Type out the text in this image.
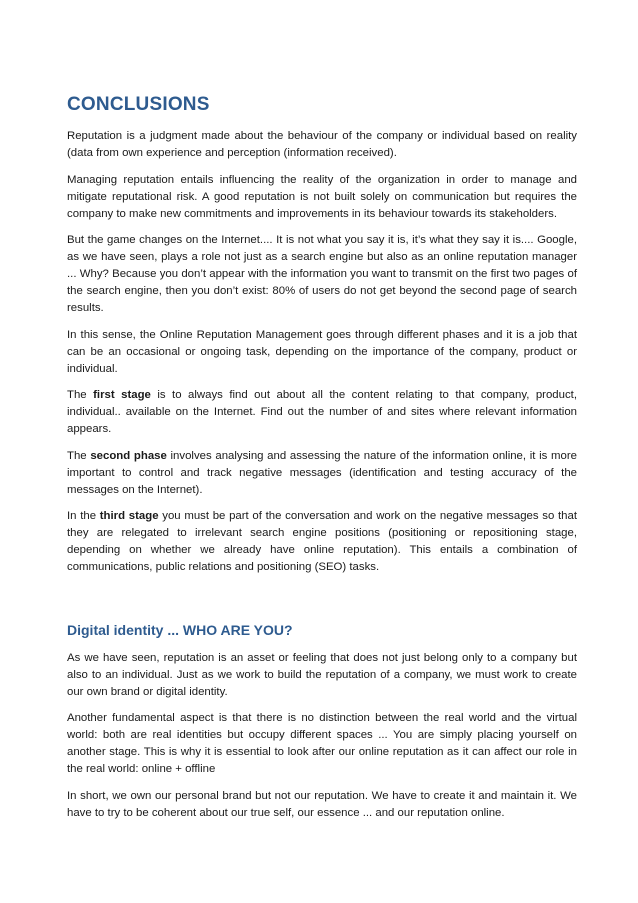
CONCLUSIONS

Reputation is a judgment made about the behaviour of the company or individual based on reality (data from own experience and perception (information received).

Managing reputation entails influencing the reality of the organization in order to manage and mitigate reputational risk. A good reputation is not built solely on communication but requires the company to make new commitments and improvements in its behaviour towards its stakeholders.

But the game changes on the Internet.... It is not what you say it is, it’s what they say it is.... Google, as we have seen, plays a role not just as a search engine but also as an online reputation manager ... Why? Because you don’t appear with the information you want to transmit on the first two pages of the search engine, then you don’t exist: 80% of users do not get beyond the second page of search results.

In this sense, the Online Reputation Management goes through different phases and it is a job that can be an occasional or ongoing task, depending on the importance of the company, product or individual.

The first stage is to always find out about all the content relating to that company, product, individual.. available on the Internet. Find out the number of and sites where relevant information appears.

The second phase involves analysing and assessing the nature of the information online, it is more important to control and track negative messages (identification and testing accuracy of the messages on the Internet).

In the third stage you must be part of the conversation and work on the negative messages so that they are relegated to irrelevant search engine positions (positioning or repositioning stage, depending on whether we already have online reputation). This entails a combination of communications, public relations and positioning (SEO) tasks.

Digital identity ... WHO ARE YOU?

As we have seen, reputation is an asset or feeling that does not just belong only to a company but also to an individual. Just as we work to build the reputation of a company, we must work to create our own brand or digital identity.

Another fundamental aspect is that there is no distinction between the real world and the virtual world: both are real identities but occupy different spaces ... You are simply placing yourself on another stage. This is why it is essential to look after our online reputation as it can affect our role in the real world: online + offline

In short, we own our personal brand but not our reputation. We have to create it and maintain it. We have to try to be coherent about our true self, our essence ... and our reputation online.
